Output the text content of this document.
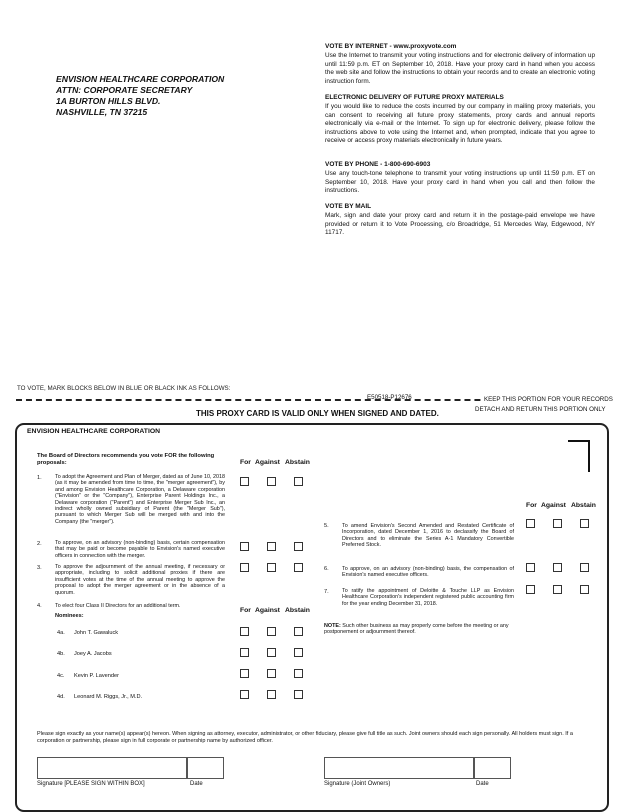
ENVISION HEALTHCARE CORPORATION
ATTN: CORPORATE SECRETARY
1A BURTON HILLS BLVD.
NASHVILLE, TN 37215
VOTE BY INTERNET - www.proxyvote.com

Use the Internet to transmit your voting instructions and for electronic delivery of information up until 11:59 p.m. ET on September 10, 2018. Have your proxy card in hand when you access the web site and follow the instructions to obtain your records and to create an electronic voting instruction form.

ELECTRONIC DELIVERY OF FUTURE PROXY MATERIALS

If you would like to reduce the costs incurred by our company in mailing proxy materials, you can consent to receiving all future proxy statements, proxy cards and annual reports electronically via e-mail or the Internet. To sign up for electronic delivery, please follow the instructions above to vote using the Internet and, when prompted, indicate that you agree to receive or access proxy materials electronically in future years.

VOTE BY PHONE - 1-800-690-6903

Use any touch-tone telephone to transmit your voting instructions up until 11:59 p.m. ET on September 10, 2018. Have your proxy card in hand when you call and then follow the instructions.

VOTE BY MAIL

Mark, sign and date your proxy card and return it in the postage-paid envelope we have provided or return it to Vote Processing, c/o Broadridge, 51 Mercedes Way, Edgewood, NY 11717.

TO VOTE, MARK BLOCKS BELOW IN BLUE OR BLACK INK AS FOLLOWS:
E50518-P12676	KEEP THIS PORTION FOR YOUR RECORDS
THIS PROXY CARD IS VALID ONLY WHEN SIGNED AND DATED.	DETACH AND RETURN THIS PORTION ONLY
ENVISION HEALTHCARE CORPORATION
The Board of Directors recommends you vote FOR the following proposals:	For Against Abstain
1. To adopt the Agreement and Plan of Merger, dated as of June 10, 2018 (as it may be amended from time to time, the "merger agreement"), by and among Envision Healthcare Corporation, a Delaware corporation ("Envision" or the "Company"), Enterprise Parent Holdings Inc., a Delaware corporation ("Parent") and Enterprise Merger Sub Inc., an indirect wholly owned subsidiary of Parent (the "Merger Sub"), pursuant to which Merger Sub will be merged with and into the Company (the "merger").
2. To approve, on an advisory (non-binding) basis, certain compensation that may be paid or become payable to Envision's named executive officers in connection with the merger.
3. To approve the adjournment of the annual meeting, if necessary or appropriate, including to solicit additional proxies if there are insufficient votes at the time of the annual meeting to approve the proposal to adopt the merger agreement or in the absence of a quorum.
4. To elect four Class II Directors for an additional term.
For Against Abstain
Nominees:
4a. John T. Gawaluck
4b. Joey A. Jacobs
4c. Kevin P. Lavender
4d. Leonard M. Riggs, Jr., M.D.
For Against Abstain
5. To amend Envision's Second Amended and Restated Certificate of Incorporation, dated December 1, 2016 to declassify the Board of Directors and to eliminate the Series A-1 Mandatory Convertible Preferred Stock.
6. To approve, on an advisory (non-binding) basis, the compensation of Envision's named executive officers.
7. To ratify the appointment of Deloitte & Touche LLP as Envision Healthcare Corporation's independent registered public accounting firm for the year ending December 31, 2018.
NOTE: Such other business as may properly come before the meeting or any postponement or adjournment thereof.
Please sign exactly as your name(s) appear(s) hereon. When signing as attorney, executor, administrator, or other fiduciary, please give full title as such. Joint owners should each sign personally. All holders must sign. If a corporation or partnership, please sign in full corporate or partnership name by authorized officer.
Signature [PLEASE SIGN WITHIN BOX]	Date	Signature (Joint Owners)	Date
